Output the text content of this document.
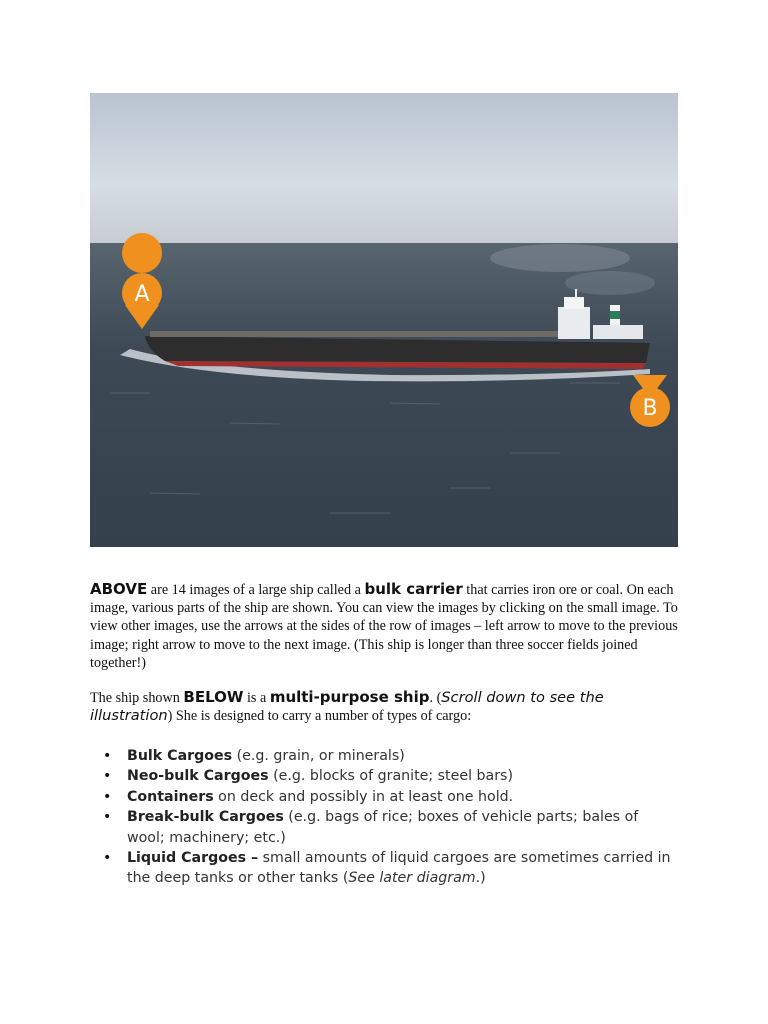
A
B
ABOVE are 14 images of a large ship called a bulk carrier that carries iron ore or coal. On each image, various parts of the ship are shown. You can view the images by clicking on the small image. To view other images, use the arrows at the sides of the row of images – left arrow to move to the previous image; right arrow to move to the next image. (This ship is longer than three soccer fields joined together!)
The ship shown BELOW is a multi-purpose ship. (Scroll down to see the illustration) She is designed to carry a number of types of cargo:
• Bulk Cargoes (e.g. grain, or minerals)
• Neo-bulk Cargoes (e.g. blocks of granite; steel bars)
• Containers on deck and possibly in at least one hold.
• Break-bulk Cargoes (e.g. bags of rice; boxes of vehicle parts; bales of wool; machinery; etc.)
• Liquid Cargoes – small amounts of liquid cargoes are sometimes carried in the deep tanks or other tanks (See later diagram.)
